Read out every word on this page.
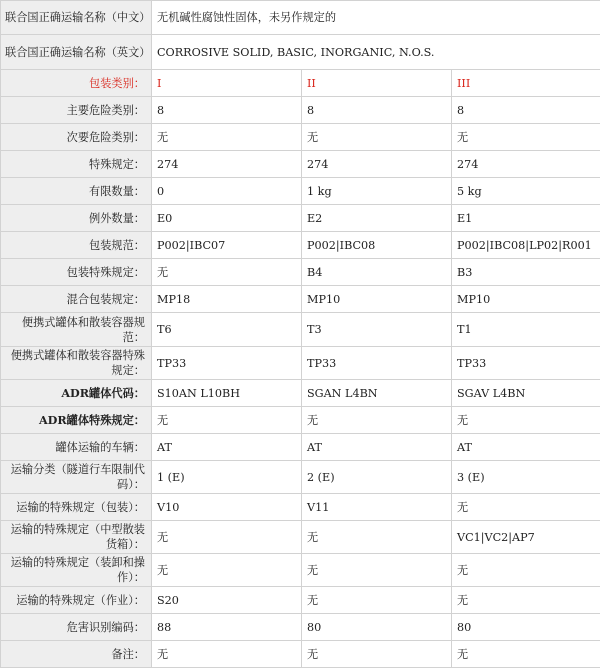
联合国正确运输名称（中文）	无机碱性腐蚀性固体，未另作规定的		
联合国正确运输名称（英文）	CORROSIVE SOLID, BASIC, INORGANIC, N.O.S.		
包装类别：	I	II	III
主要危险类别：	8	8	8
次要危险类别：	无	无	无
特殊规定：	274	274	274
有限数量：	0	1 kg	5 kg
例外数量：	E0	E2	E1
包装规范：	P002|IBC07	P002|IBC08	P002|IBC08|LP02|R001
包装特殊规定：	无	B4	B3
混合包装规定：	MP18	MP10	MP10
便携式罐体和散装容器规范：	T6	T3	T1
便携式罐体和散装容器特殊规定：	TP33	TP33	TP33
ADR罐体代码：	S10AN L10BH	SGAN L4BN	SGAV L4BN
ADR罐体特殊规定：	无	无	无
罐体运输的车辆：	AT	AT	AT
运输分类（隧道行车限制代码）：	1 (E)	2 (E)	3 (E)
运输的特殊规定（包装）：	V10	V11	无
运输的特殊规定（中型散装货箱）：	无	无	VC1|VC2|AP7
运输的特殊规定（装卸和操作）：	无	无	无
运输的特殊规定（作业）：	S20	无	无
危害识别编码：	88	80	80
备注：	无	无	无
